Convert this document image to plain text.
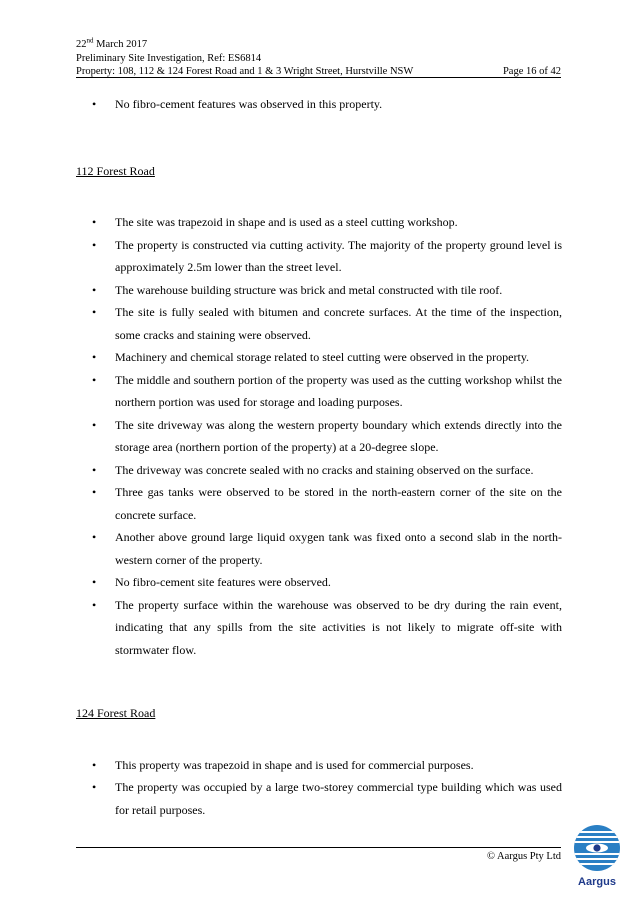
22nd March 2017
Preliminary Site Investigation, Ref: ES6814
Property: 108, 112 & 124 Forest Road and 1 & 3 Wright Street, Hurstville NSW	Page 16 of 42
• No fibro-cement features was observed in this property.

112 Forest Road

• The site was trapezoid in shape and is used as a steel cutting workshop.
• The property is constructed via cutting activity. The majority of the property ground level is approximately 2.5m lower than the street level.
• The warehouse building structure was brick and metal constructed with tile roof.
• The site is fully sealed with bitumen and concrete surfaces. At the time of the inspection, some cracks and staining were observed.
• Machinery and chemical storage related to steel cutting were observed in the property.
• The middle and southern portion of the property was used as the cutting workshop whilst the northern portion was used for storage and loading purposes.
• The site driveway was along the western property boundary which extends directly into the storage area (northern portion of the property) at a 20-degree slope.
• The driveway was concrete sealed with no cracks and staining observed on the surface.
• Three gas tanks were observed to be stored in the north-eastern corner of the site on the concrete surface.
• Another above ground large liquid oxygen tank was fixed onto a second slab in the north-western corner of the property.
• No fibro-cement site features were observed.
• The property surface within the warehouse was observed to be dry during the rain event, indicating that any spills from the site activities is not likely to migrate off-site with stormwater flow.

124 Forest Road

• This property was trapezoid in shape and is used for commercial purposes.
• The property was occupied by a large two-storey commercial type building which was used for retail purposes.
© Aargus Pty Ltd
Aargus
